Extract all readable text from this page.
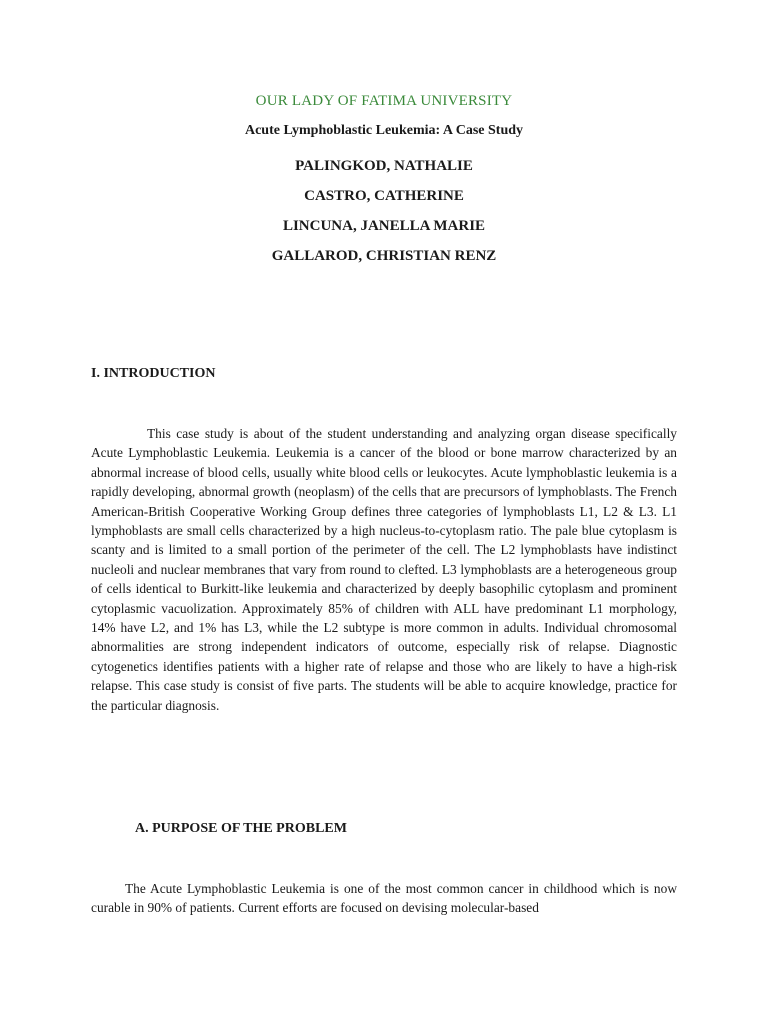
OUR LADY OF FATIMA UNIVERSITY
Acute Lymphoblastic Leukemia: A Case Study
PALINGKOD, NATHALIE
CASTRO, CATHERINE
LINCUNA, JANELLA MARIE
GALLAROD, CHRISTIAN RENZ
I. INTRODUCTION

This case study is about of the student understanding and analyzing organ disease specifically Acute Lymphoblastic Leukemia. Leukemia is a cancer of the blood or bone marrow characterized by an abnormal increase of blood cells, usually white blood cells or leukocytes. Acute lymphoblastic leukemia is a rapidly developing, abnormal growth (neoplasm) of the cells that are precursors of lymphoblasts. The French American-British Cooperative Working Group defines three categories of lymphoblasts L1, L2 & L3. L1 lymphoblasts are small cells characterized by a high nucleus-to-cytoplasm ratio. The pale blue cytoplasm is scanty and is limited to a small portion of the perimeter of the cell. The L2 lymphoblasts have indistinct nucleoli and nuclear membranes that vary from round to clefted. L3 lymphoblasts are a heterogeneous group of cells identical to Burkitt-like leukemia and characterized by deeply basophilic cytoplasm and prominent cytoplasmic vacuolization. Approximately 85% of children with ALL have predominant L1 morphology, 14% have L2, and 1% has L3, while the L2 subtype is more common in adults. Individual chromosomal abnormalities are strong independent indicators of outcome, especially risk of relapse. Diagnostic cytogenetics identifies patients with a higher rate of relapse and those who are likely to have a high-risk relapse. This case study is consist of five parts. The students will be able to acquire knowledge, practice for the particular diagnosis.

A. PURPOSE OF THE PROBLEM

The Acute Lymphoblastic Leukemia is one of the most common cancer in childhood which is now curable in 90% of patients. Current efforts are focused on devising molecular-based
